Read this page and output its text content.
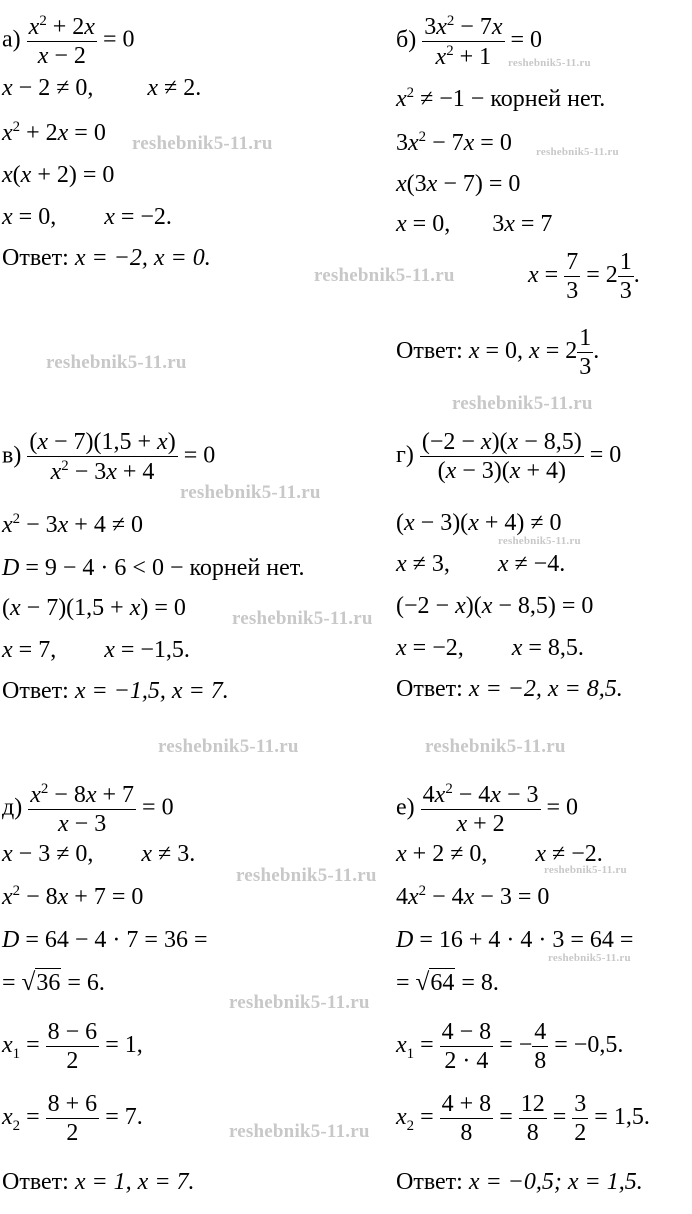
$а) \frac{x^2 + 2x}{x - 2} = 0$
x − 2 ≠ 0,         x ≠ 2.
$x^2 + 2x = 0$
x(x + 2) = 0
x = 0,        x = −2.
Ответ: x = −2, x = 0.
$б) \frac{3x^2 - 7x}{x^2 + 1} = 0$
$x^2 \ne -1$ − корней нет.
$3x^2 - 7x = 0$
x(3x − 7) = 0
x = 0,       3x = 7
$x = \frac{7}{3} = 2 \frac{1}{3}$ .
Ответ: x = 0, $x = 2 \frac{1}{3}$ .
$в) \frac{(x - 7)(1,5 + x)}{x^2 - 3x + 4} = 0$
$x^2 - 3x + 4 \ne 0$
D = 9 − 4 · 6 < 0 − корней нет.
(x − 7)(1,5 + x) = 0
x = 7,        x = −1,5.
Ответ: x = −1,5, x = 7.
$г) \frac{(-2 - x)(x - 8,5)}{(x - 3)(x + 4)} = 0$
(x − 3)(x + 4) ≠ 0
x ≠ 3,        x ≠ −4.
(−2 − x)(x − 8,5) = 0
x = −2,        x = 8,5.
Ответ: x = −2, x = 8,5.
$д) \frac{x^2 - 8x + 7}{x - 3} = 0$
x − 3 ≠ 0,        x ≠ 3.
$x^2 - 8x + 7 = 0$
D = 64 − 4 · 7 = 36 =
= √36 = 6.
$x_1 = \frac{8 - 6}{2} = 1$,
$x_2 = \frac{8 + 6}{2} = 7$.
Ответ: x = 1, x = 7.
$е) \frac{4x^2 - 4x - 3}{x + 2} = 0$
x + 2 ≠ 0,        x ≠ −2.
$4x^2 - 4x - 3 = 0$
D = 16 + 4 · 4 · 3 = 64 =
= √64 = 8.
$x_1 = \frac{4 - 8}{2 \cdot 4}$ = − $\frac{4}{8} = -0,5$.
$x_2 = \frac{4 + 8}{8} = \frac{12}{8} = \frac{3}{2} = 1,5$.
Ответ: x = −0,5; x = 1,5.
reshebnik5-11.ru
reshebnik5-11.ru	reshebnik5-11.ru
reshebnik5-11.ru
reshebnik5-11.ru
reshebnik5-11.ru
reshebnik5-11.ru
reshebnik5-11.ru
reshebnik5-11.ru
reshebnik5-11.ru	reshebnik5-11.ru
reshebnik5-11.ru
reshebnik5-11.ru
reshebnik5-11.ru
reshebnik5-11.ru
reshebnik5-11.ru
